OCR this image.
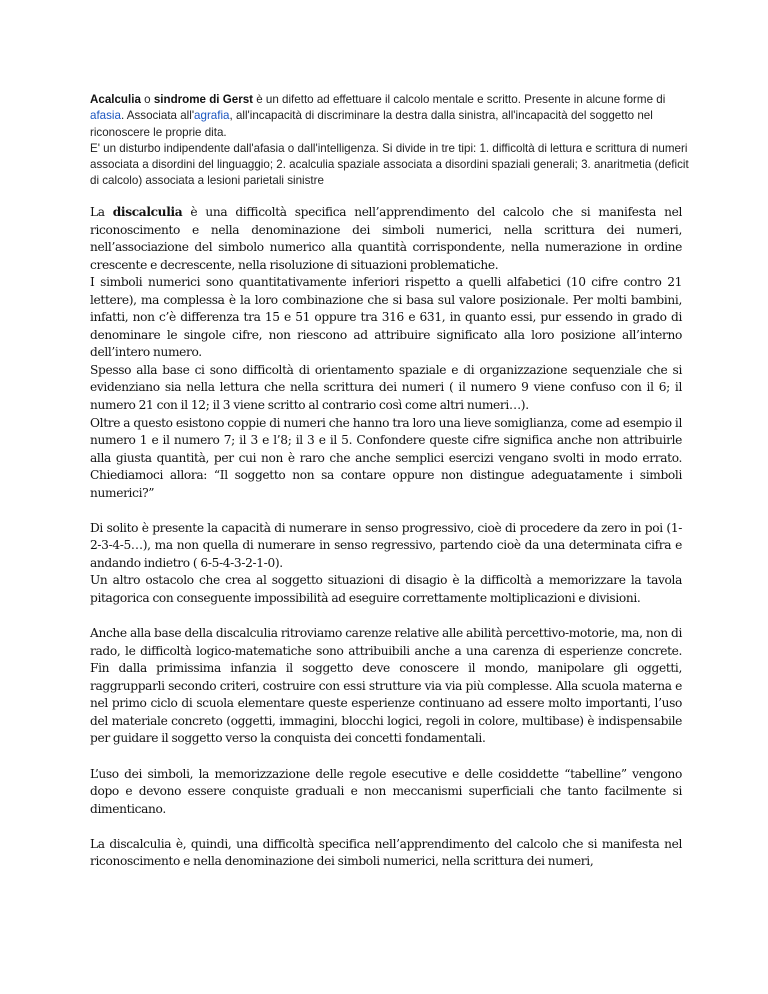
Acalculia o sindrome di Gerst è un difetto ad effettuare il calcolo mentale e scritto. Presente in alcune forme di afasia. Associata all'agrafia, all'incapacità di discriminare la destra dalla sinistra, all'incapacità del soggetto nel riconoscere le proprie dita.

E' un disturbo indipendente dall'afasia o dall'intelligenza. Si divide in tre tipi: 1. difficoltà di lettura e scrittura di numeri associata a disordini del linguaggio; 2. acalculia spaziale associata a disordini spaziali generali; 3. anaritmetia (deficit di calcolo) associata a lesioni parietali sinistre

La discalculia è una difficoltà specifica nell’apprendimento del calcolo che si manifesta nel riconoscimento e nella denominazione dei simboli numerici, nella scrittura dei numeri, nell’associazione del simbolo numerico alla quantità corrispondente, nella numerazione in ordine crescente e decrescente, nella risoluzione di situazioni problematiche.

I simboli numerici sono quantitativamente inferiori rispetto a quelli alfabetici (10 cifre contro 21 lettere), ma complessa è la loro combinazione che si basa sul valore posizionale. Per molti bambini, infatti, non c’è differenza tra 15 e 51 oppure tra 316 e 631, in quanto essi, pur essendo in grado di denominare le singole cifre, non riescono ad attribuire significato alla loro posizione all’interno dell’intero numero.

Spesso alla base ci sono difficoltà di orientamento spaziale e di organizzazione sequenziale che si evidenziano sia nella lettura che nella scrittura dei numeri ( il numero 9 viene confuso con il 6; il numero 21 con il 12; il 3 viene scritto al contrario così come altri numeri…).

Oltre a questo esistono coppie di numeri che hanno tra loro una lieve somiglianza, come ad esempio il numero 1 e il numero 7; il 3 e l’8; il 3 e il 5. Confondere queste cifre significa anche non attribuirle alla giusta quantità, per cui non è raro che anche semplici esercizi vengano svolti in modo errato. Chiediamoci allora: “Il soggetto non sa contare oppure non distingue adeguatamente i simboli numerici?”

Di solito è presente la capacità di numerare in senso progressivo, cioè di procedere da zero in poi (1-2-3-4-5…), ma non quella di numerare in senso regressivo, partendo cioè da una determinata cifra e andando indietro ( 6-5-4-3-2-1-0).

Un altro ostacolo che crea al soggetto situazioni di disagio è la difficoltà a memorizzare la tavola pitagorica con conseguente impossibilità ad eseguire correttamente moltiplicazioni e divisioni.

Anche alla base della discalculia ritroviamo carenze relative alle abilità percettivo-motorie, ma, non di rado, le difficoltà logico-matematiche sono attribuibili anche a una carenza di esperienze concrete. Fin dalla primissima infanzia il soggetto deve conoscere il mondo, manipolare gli oggetti, raggrupparli secondo criteri, costruire con essi strutture via via più complesse. Alla scuola materna e nel primo ciclo di scuola elementare queste esperienze continuano ad essere molto importanti, l’uso del materiale concreto (oggetti, immagini, blocchi logici, regoli in colore, multibase) è indispensabile per guidare il soggetto verso la conquista dei concetti fondamentali.

L’uso dei simboli, la memorizzazione delle regole esecutive e delle cosiddette “tabelline” vengono dopo e devono essere conquiste graduali e non meccanismi superficiali che tanto facilmente si dimenticano.

La discalculia è, quindi, una difficoltà specifica nell’apprendimento del calcolo che si manifesta nel riconoscimento e nella denominazione dei simboli numerici, nella scrittura dei numeri,
